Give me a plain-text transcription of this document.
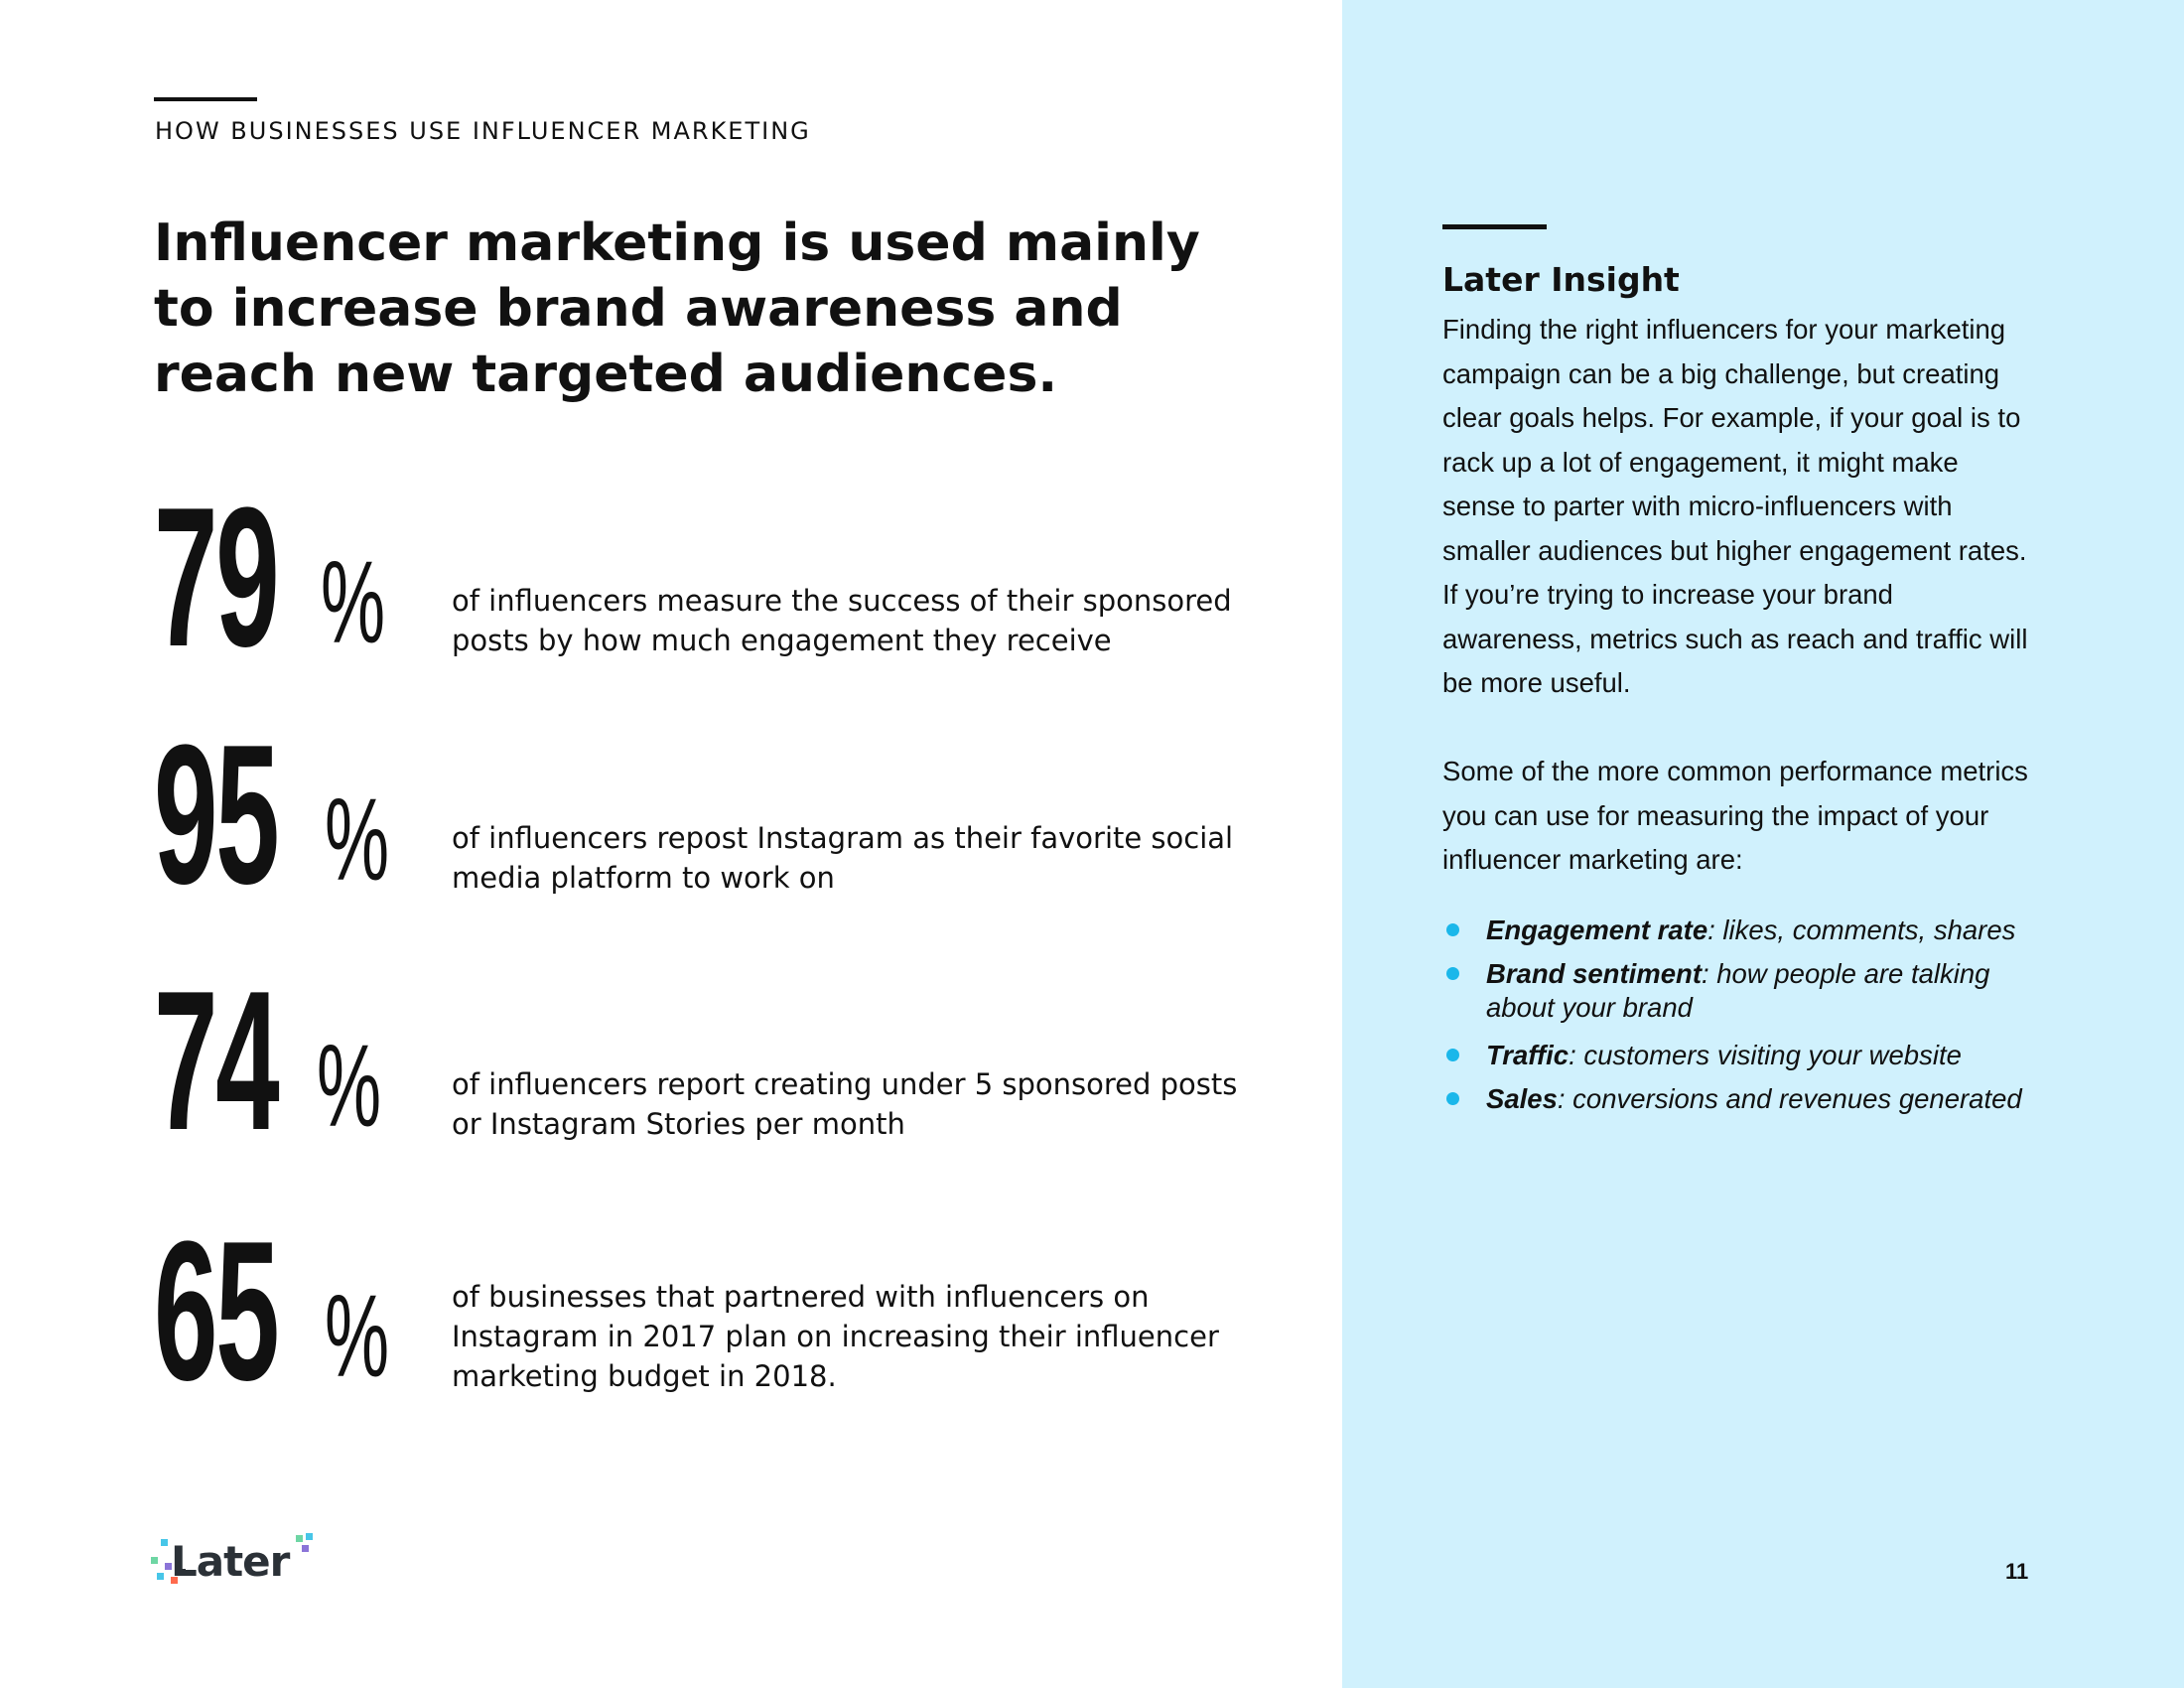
HOW BUSINESSES USE INFLUENCER MARKETING
Influencer marketing is used mainly to increase brand awareness and reach new targeted audiences.
79 % of influencers measure the success of their sponsored posts by how much engagement they receive

95 % of influencers repost Instagram as their favorite social media platform to work on

74 % of influencers report creating under 5 sponsored posts or Instagram Stories per month

65 % of businesses that partnered with influencers on Instagram in 2017 plan on increasing their influencer marketing budget in 2018.

Later
Later Insight

Finding the right influencers for your marketing campaign can be a big challenge, but creating clear goals helps. For example, if your goal is to rack up a lot of engagement, it might make sense to parter with micro-influencers with smaller audiences but higher engagement rates. If you’re trying to increase your brand awareness, metrics such as reach and traffic will be more useful.

Some of the more common performance metrics you can use for measuring the impact of your influencer marketing are:

Engagement rate: likes, comments, shares
Brand sentiment: how people are talking about your brand
Traffic: customers visiting your website
Sales: conversions and revenues generated
11
